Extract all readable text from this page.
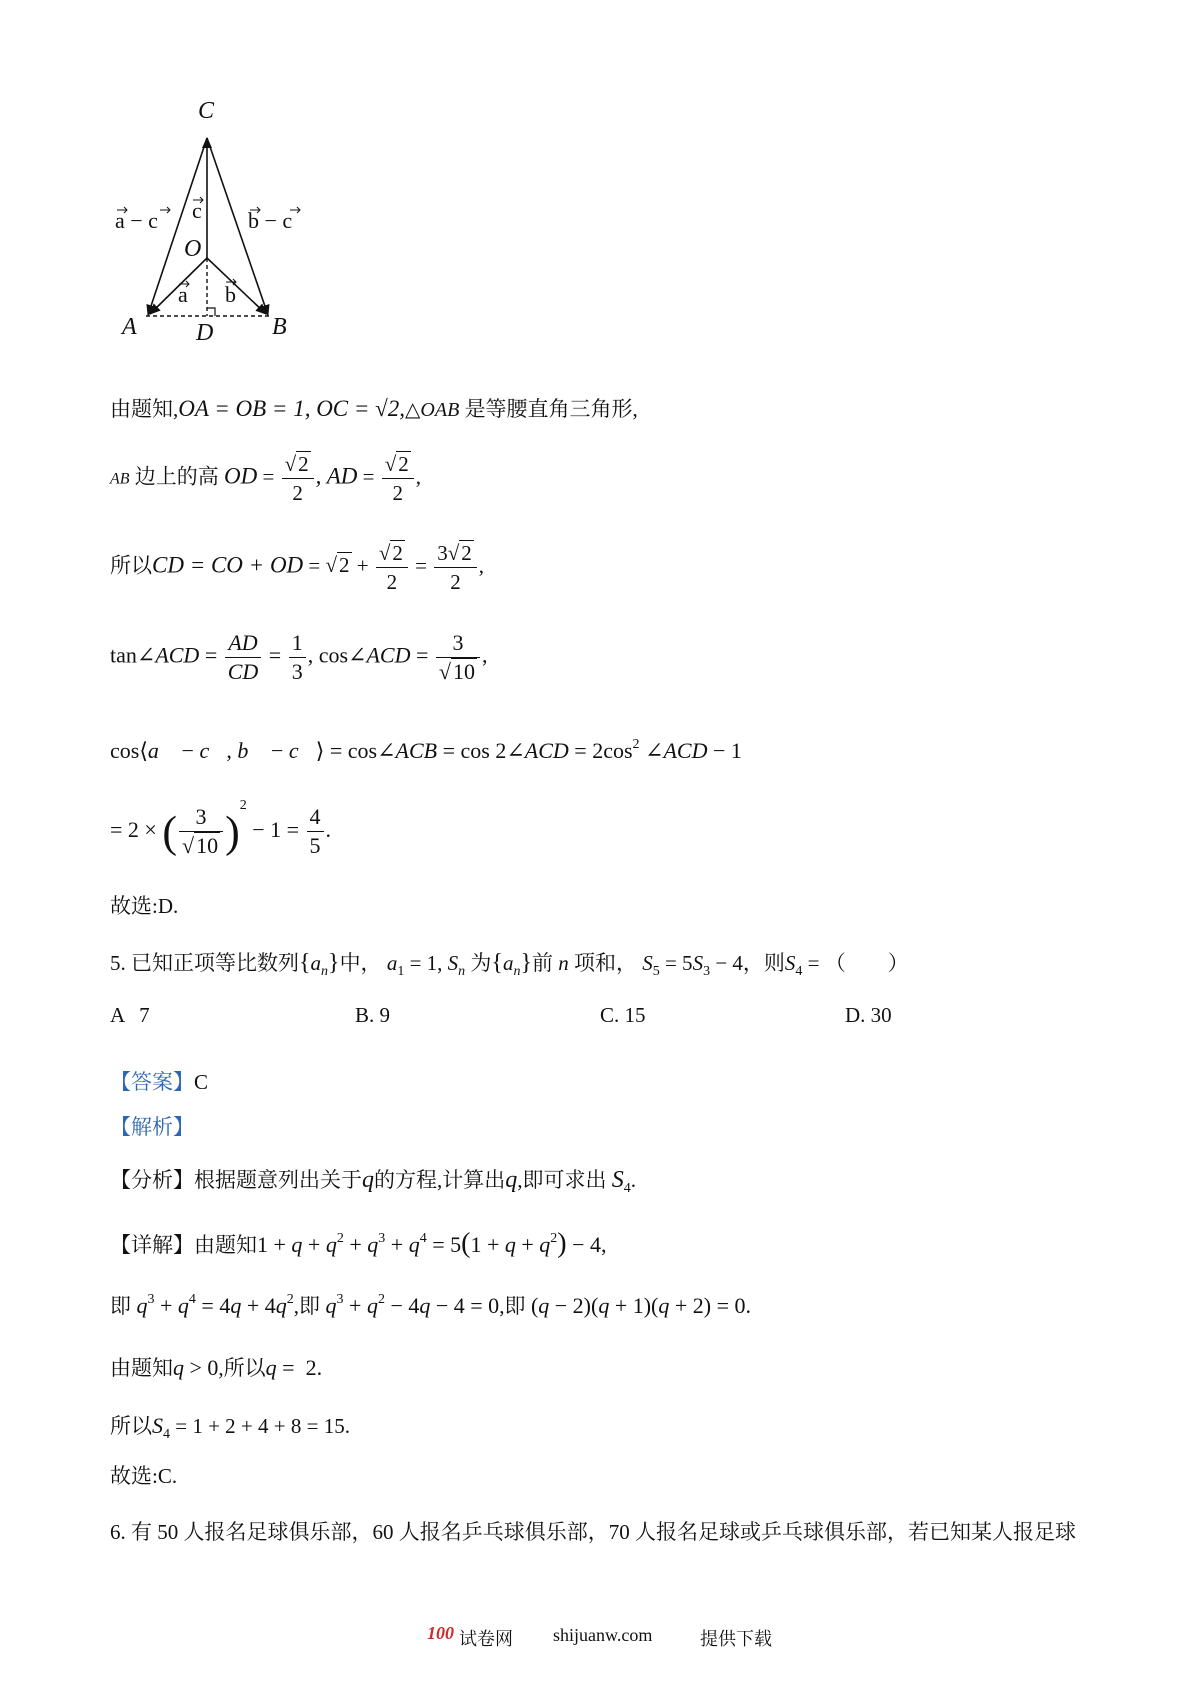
C
O
A	B
D
a − c c b − c
a b
由题知,OA = OB = 1, OC = √2,△OAB 是等腰直角三角形,
AB 边上的高 OD = $\frac{√2}{2}$ , AD = $\frac{√2}{2}$ ,
所以CD = CO + OD = $√2 + \frac{√2}{2} = \frac{3√2}{2}$ ,
tan∠ACD = $\frac{AD}{CD} = \frac{1}{3}$ , cos∠ACD = $\frac{3}{√10}$ ,
cos⟨a⃗ − c⃗, b⃗ − c⃗⟩ = cos∠ACB = cos 2∠ACD = $2\cos^2$ ∠ACD − 1
= 2 × ( $\frac{3}{√10} )^2 - 1 = \frac{4}{5}$ .
故选:D.
5. 已知正项等比数列$\{a_n\}$中， $a_1 = 1$, $S_n$ 为$\{a_n\}$前 n 项和， $S_5 = 5S_3 - 4$，则$S_4$ = （　　）
A 7	B. 9	C. 15	D. 30
【答案】C
【解析】
【分析】根据题意列出关于q的方程,计算出q,即可求出 $S_4$.
【详解】由题知$1 + q + q^2 + q^3 + q^4 = 5(1 + q + q^2) - 4$,
即 $q^3 + q^4 = 4q + 4q^2$,即 $q^3 + q^2 - 4q - 4 = 0$,即 (q − 2)(q + 1)(q + 2) = 0.
由题知q > 0,所以q =  2.
所以$S_4 = 1 + 2 + 4 + 8 = 15$.
故选:C.
6. 有 50 人报名足球俱乐部，60 人报名乒乓球俱乐部，70 人报名足球或乒乓球俱乐部，若已知某人报足球
100 试卷网 shijuanw.com	提供下载
